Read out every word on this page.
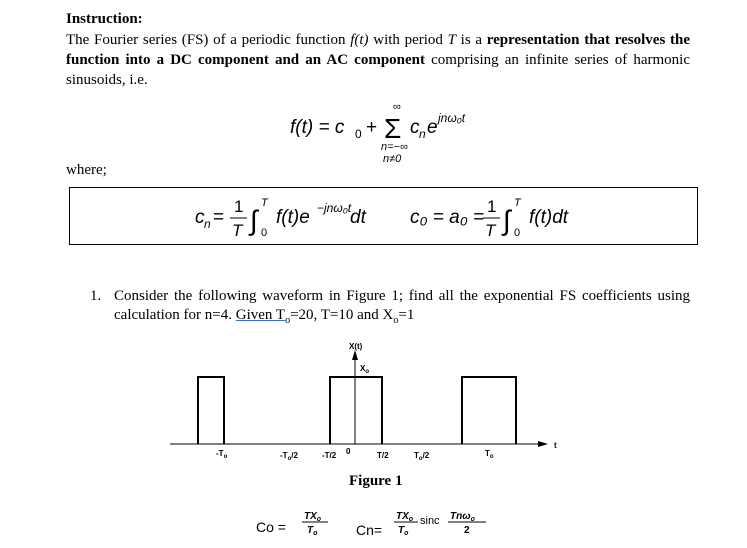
Instruction:
The Fourier series (FS) of a periodic function f(t) with period T is a representation that resolves the function into a DC component and an AC component comprising an infinite series of harmonic sinusoids, i.e.
f(t) = c 0 + Σ
∞
n=−∞
n≠0
c n e jnω₀t
where;
c n =
1
T ∫
T
0
f(t)e −jnω₀t
dt c₀ = a₀ =
1
T ∫
T
0
f(t)dt
1. Consider the following waveform in Figure 1; find all the exponential FS coefficients using calculation for n=4. Given $T_o=20$, T=10 and $X_o=1$
X(t)
$X_o$
t
$-T_o$	$-T_o/2$	-T/2 0	T/2	$T_o/2$	$T_o$
Figure 1
Co =
$TX_o$
$T_o$	Cn=
$TX_o$
$T_o$
sinc Tnω$_o$
2
